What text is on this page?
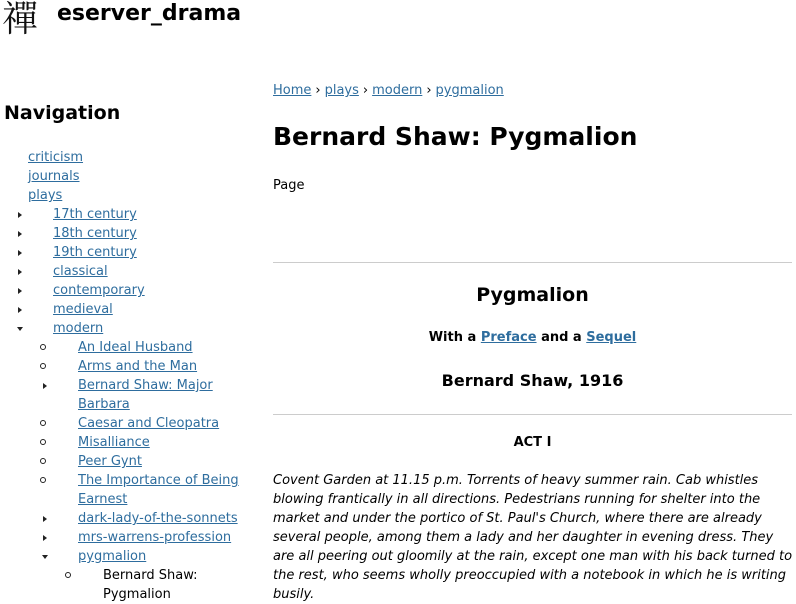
禪 eserver_drama
Navigation
criticism
journals
plays
17th century
18th century
19th century
classical
contemporary
medieval
modern
An Ideal Husband
Arms and the Man
Bernard Shaw: Major Barbara
Caesar and Cleopatra
Misalliance
Peer Gynt
The Importance of Being Earnest
dark-lady-of-the-sonnets
mrs-warrens-profession
pygmalion
Bernard Shaw: Pygmalion
Home › plays › modern › pygmalion
Bernard Shaw: Pygmalion
Page
Pygmalion
With a Preface and a Sequel
Bernard Shaw, 1916
ACT I

Covent Garden at 11.15 p.m. Torrents of heavy summer rain. Cab whistles blowing frantically in all directions. Pedestrians running for shelter into the market and under the portico of St. Paul's Church, where there are already several people, among them a lady and her daughter in evening dress. They are all peering out gloomily at the rain, except one man with his back turned to the rest, who seems wholly preoccupied with a notebook in which he is writing busily.
